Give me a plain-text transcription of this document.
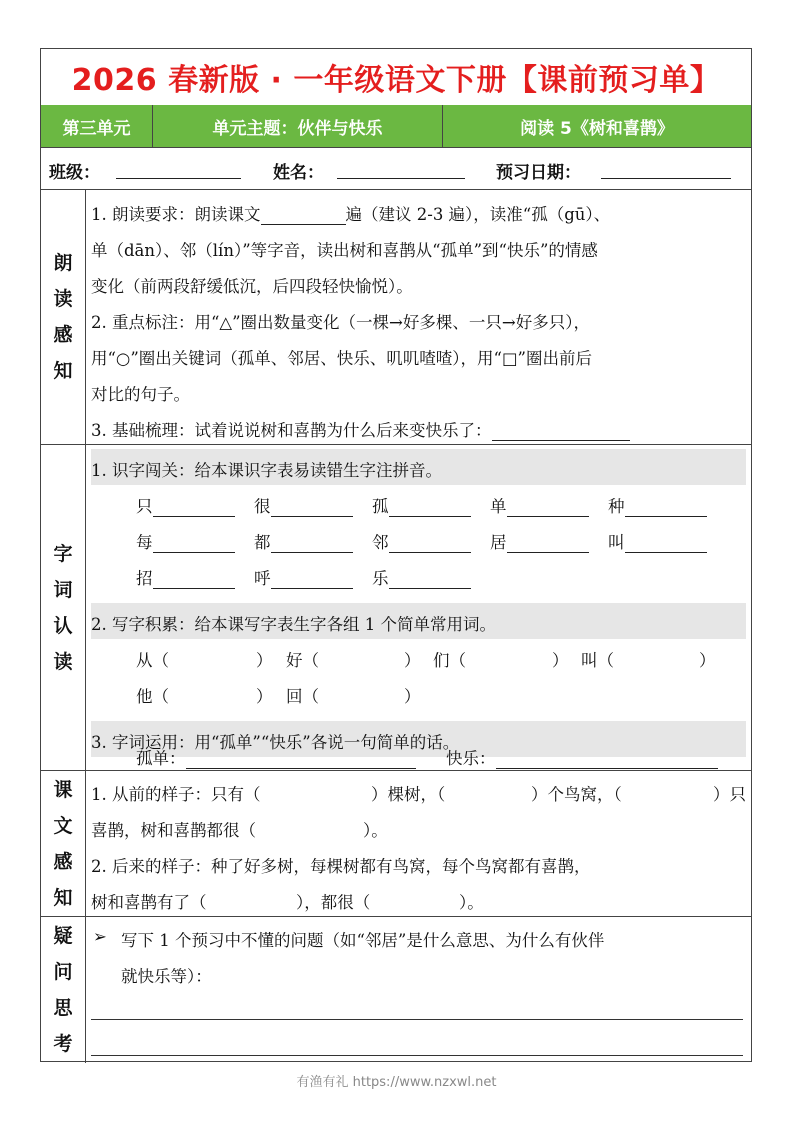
2026 春新版 · 一年级语文下册【课前预习单】
第三单元	单元主题：伙伴与快乐	阅读 5《树和喜鹊》
班级：	姓名：	预习日期：
朗
读
感
知
1. 朗读要求：朗读课文	遍（建议 2-3 遍），读准“孤（gū）、
单（dān）、邻（lín）”等字音，读出树和喜鹊从“孤单”到“快乐”的情感
变化（前两段舒缓低沉，后四段轻快愉悦）。
2. 重点标注：用“△”圈出数量变化（一棵→好多棵、一只→好多只），
用“○”圈出关键词（孤单、邻居、快乐、叽叽喳喳），用“□”圈出前后
对比的句子。
3. 基础梳理：试着说说树和喜鹊为什么后来变快乐了：
字
词
认
读
1. 识字闯关：给本课识字表易读错生字注拼音。
只	很	孤	单	种
每	都	邻	居	叫
招	呼	乐
2. 写字积累：给本课写字表生字各组 1 个简单常用词。
从（	） 好（	） 们（	） 叫（	）
他（	） 回（	）
3. 字词运用：用“孤单”“快乐”各说一句简单的话。
孤单：	快乐：
课
文
感
知
1. 从前的样子：只有（	）棵树，（	）个鸟窝，（	）只
喜鹊，树和喜鹊都很（	）。
2. 后来的样子：种了好多树，每棵树都有鸟窝，每个鸟窝都有喜鹊，
树和喜鹊有了（	），都很（	）。
疑
问
思
考
➢ 写下 1 个预习中不懂的问题（如“邻居”是什么意思、为什么有伙伴
就快乐等）：
有渔有礼 https://www.nzxwl.net
